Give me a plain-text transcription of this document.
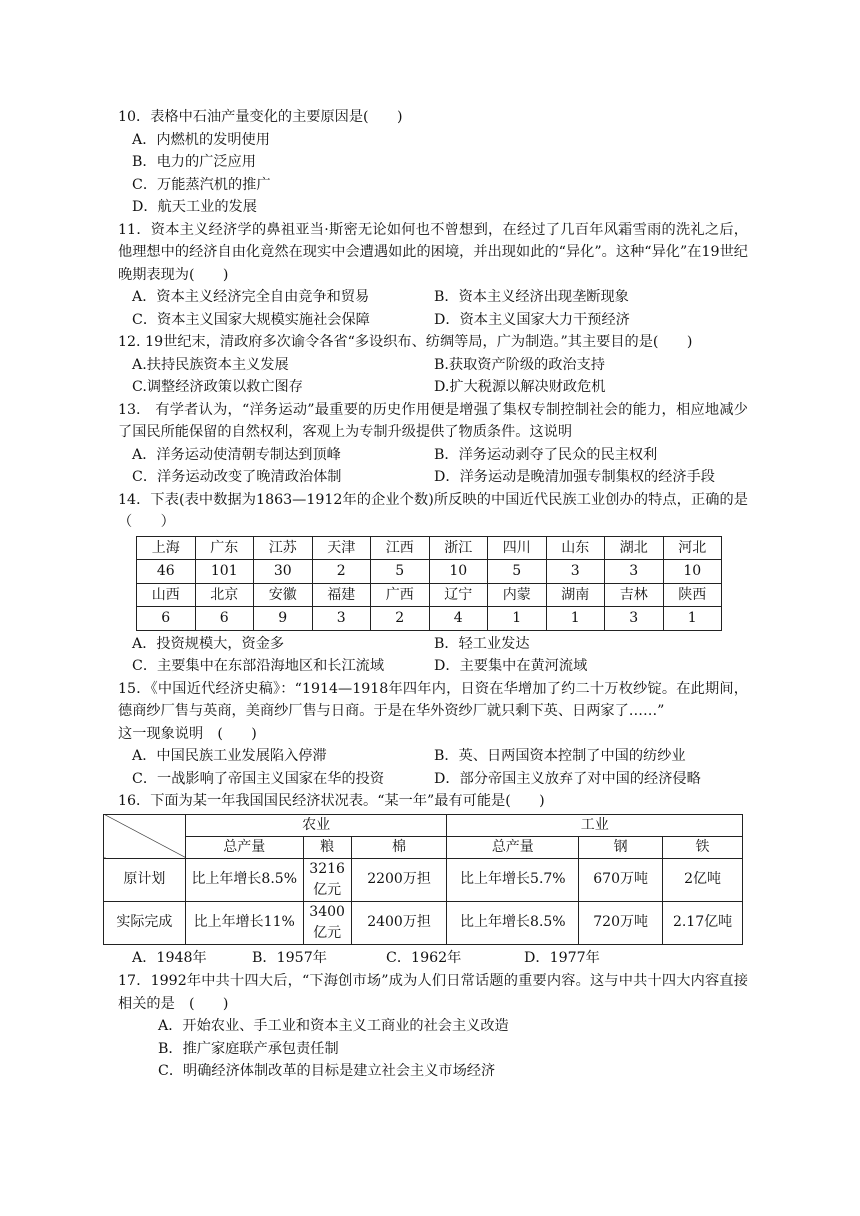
10．表格中石油产量变化的主要原因是(　　)
A．内燃机的发明使用
B．电力的广泛应用
C．万能蒸汽机的推广
D．航天工业的发展
11．资本主义经济学的鼻祖亚当·斯密无论如何也不曾想到，在经过了几百年风霜雪雨的洗礼之后，他理想中的经济自由化竟然在现实中会遭遇如此的困境，并出现如此的“异化”。这种“异化”在19世纪晚期表现为(　　)
A．资本主义经济完全自由竞争和贸易	B．资本主义经济出现垄断现象
C．资本主义国家大规模实施社会保障	D．资本主义国家大力干预经济
12. 19世纪末，清政府多次谕令各省“多设织布、纺绸等局，广为制造。”其主要目的是(　　)
A.扶持民族资本主义发展	B.获取资产阶级的政治支持
C.调整经济政策以救亡图存	D.扩大税源以解决财政危机
13.　有学者认为，“洋务运动”最重要的历史作用便是增强了集权专制控制社会的能力，相应地减少了国民所能保留的自然权利，客观上为专制升级提供了物质条件。这说明
A．洋务运动使清朝专制达到顶峰	B．洋务运动剥夺了民众的民主权利
C．洋务运动改变了晚清政治体制	D．洋务运动是晚清加强专制集权的经济手段
14．下表(表中数据为1863—1912年的企业个数)所反映的中国近代民族工业创办的特点，正确的是（　　）
上海	广东	江苏	天津	江西	浙江	四川	山东	湖北	河北
46	101	30	2	5	10	5	3	3	10
山西	北京	安徽	福建	广西	辽宁	内蒙	湖南	吉林	陕西
6	6	9	3	2	4	1	1	3	1
A．投资规模大，资金多	B．轻工业发达
C．主要集中在东部沿海地区和长江流域	D．主要集中在黄河流域
15．《中国近代经济史稿》：“1914—1918年四年内，日资在华增加了约二十万枚纱锭。在此期间，德商纱厂售与英商，美商纱厂售与日商。于是在华外资纱厂就只剩下英、日两家了……”
这一现象说明　(　　)
A．中国民族工业发展陷入停滞	B．英、日两国资本控制了中国的纺纱业
C．一战影响了帝国主义国家在华的投资	D．部分帝国主义放弃了对中国的经济侵略
16．下面为某一年我国国民经济状况表。“某一年”最有可能是(　　)
	农业			工业		
	总产量	粮	棉	总产量	钢	铁
原计划	比上年增长8.5%	3216亿元	2200万担	比上年增长5.7%	670万吨	2亿吨
实际完成	比上年增长11%	3400亿元	2400万担	比上年增长8.5%	720万吨	2.17亿吨
A．1948年	B．1957年	C．1962年	D．1977年
17．1992年中共十四大后，“下海创市场”成为人们日常话题的重要内容。这与中共十四大内容直接相关的是　(　　)
A．开始农业、手工业和资本主义工商业的社会主义改造
B．推广家庭联产承包责任制
C．明确经济体制改革的目标是建立社会主义市场经济
